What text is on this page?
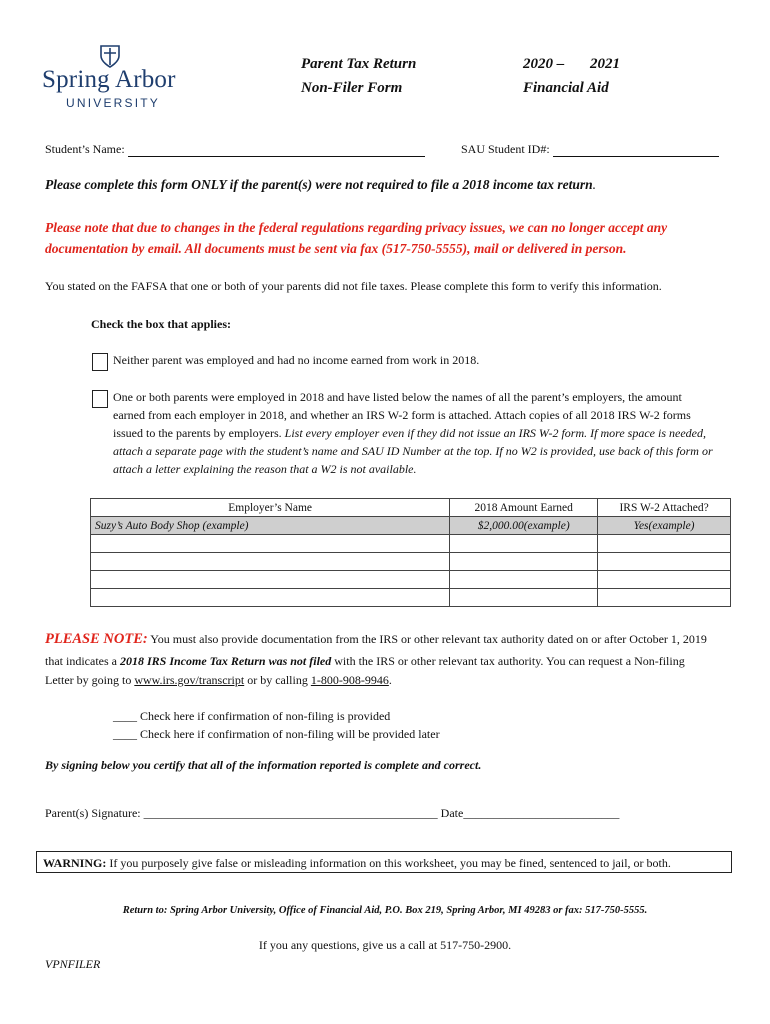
Spring Arbor
UNIVERSITY
Parent Tax Return
Non-Filer Form
2020 – 2021
Financial Aid
Student’s Name:	SAU Student ID#:
Please complete this form ONLY if the parent(s) were not required to file a 2018 income tax return.
Please note that due to changes in the federal regulations regarding privacy issues, we can no longer accept any
documentation by email. All documents must be sent via fax (517-750-5555), mail or delivered in person.
You stated on the FAFSA that one or both of your parents did not file taxes. Please complete this form to verify this information.
Check the box that applies:
Neither parent was employed and had no income earned from work in 2018.
One or both parents were employed in 2018 and have listed below the names of all the parent’s employers, the amount
earned from each employer in 2018, and whether an IRS W-2 form is attached. Attach copies of all 2018 IRS W-2 forms
issued to the parents by employers. List every employer even if they did not issue an IRS W-2 form. If more space is needed,
attach a separate page with the student’s name and SAU ID Number at the top. If no W2 is provided, use back of this form or
attach a letter explaining the reason that a W2 is not available.
Employer’s Name	2018 Amount Earned	IRS W-2 Attached?
Suzy’s Auto Body Shop (example)	$2,000.00(example)	Yes(example)

PLEASE NOTE: You must also provide documentation from the IRS or other relevant tax authority dated on or after October 1, 2019
that indicates a 2018 IRS Income Tax Return was not filed with the IRS or other relevant tax authority. You can request a Non-filing
Letter by going to www.irs.gov/transcript or by calling 1-800-908-9946.
____ Check here if confirmation of non-filing is provided
____ Check here if confirmation of non-filing will be provided later
By signing below you certify that all of the information reported is complete and correct.
Parent(s) Signature: _________________________________________________ Date__________________________
WARNING: If you purposely give false or misleading information on this worksheet, you may be fined, sentenced to jail, or both.
Return to: Spring Arbor University, Office of Financial Aid, P.O. Box 219, Spring Arbor, MI 49283 or fax: 517-750-5555.
If you any questions, give us a call at 517-750-2900.
VPNFILER
